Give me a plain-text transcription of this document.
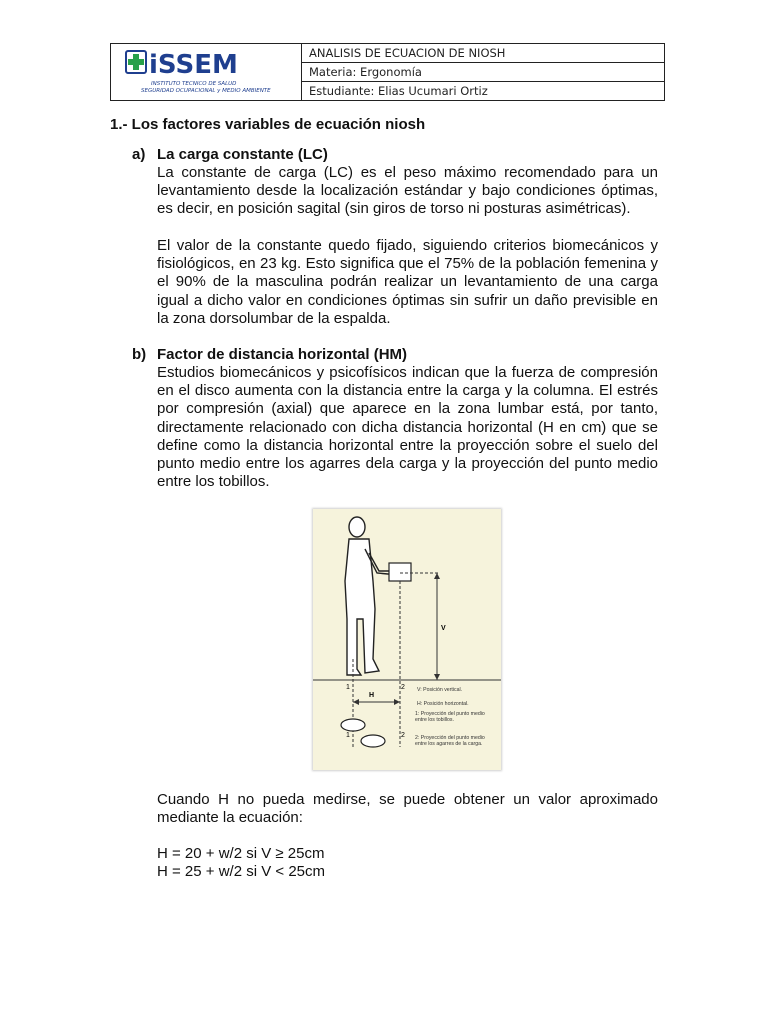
iSSEM
INSTITUTO TECNICO DE SALUD
SEGURIDAD OCUPACIONAL y MEDIO AMBIENTE
ANALISIS DE ECUACION DE NIOSH
Materia: Ergonomía
Estudiante: Elias Ucumari Ortiz
1.- Los factores variables de ecuación niosh
a) La carga constante (LC)

La constante de carga (LC) es el peso máximo recomendado para un levantamiento desde la localización estándar y bajo condiciones óptimas, es decir, en posición sagital (sin giros de torso ni posturas asimétricas).

El valor de la constante quedo fijado, siguiendo criterios biomecánicos y fisiológicos, en 23 kg. Esto significa que el 75% de la población femenina y el 90% de la masculina podrán realizar un levantamiento de una carga igual a dicho valor en condiciones óptimas sin sufrir un daño previsible en la zona dorsolumbar de la espalda.

b) Factor de distancia horizontal (HM)

Estudios biomecánicos y psicofísicos indican que la fuerza de compresión en el disco aumenta con la distancia entre la carga y la columna. El estrés por compresión (axial) que aparece en la zona lumbar está, por tanto, directamente relacionado con dicha distancia horizontal (H en cm) que se define como la distancia horizontal entre la proyección sobre el suelo del punto medio entre los agarres dela carga y la proyección del punto medio entre los tobillos.

V
1	2
H
1	2
V: Posición vertical.
H: Posición horizontal.
1: Proyección del punto medio entre los tobillos.
2: Proyección del punto medio entre los agarres de la carga.

Cuando H no pueda medirse, se puede obtener un valor aproximado mediante la ecuación:

H = 20 + w/2 si V ≥ 25cm
H = 25 + w/2 si V < 25cm
